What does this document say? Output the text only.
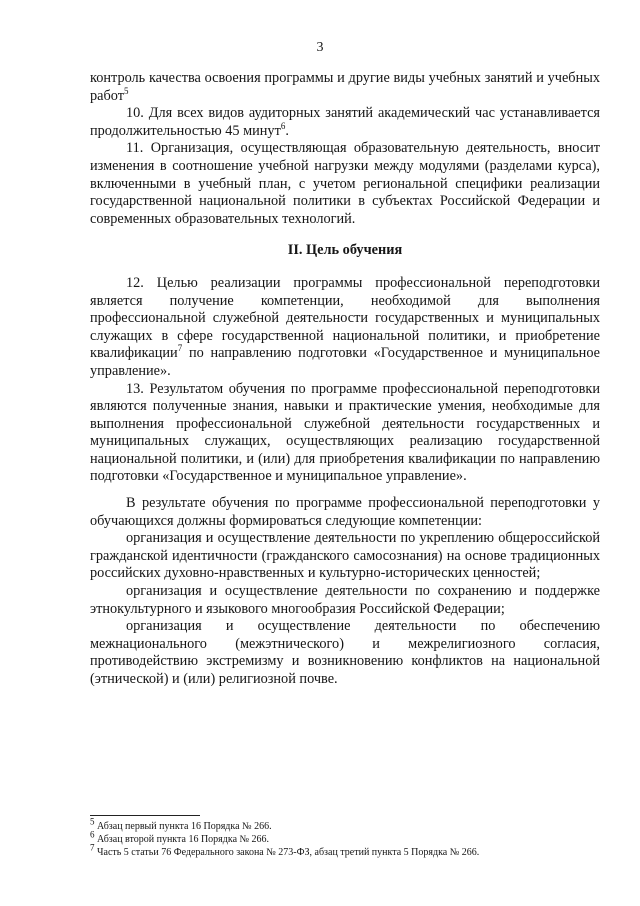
3

контроль качества освоения программы и другие виды учебных занятий и учебных работ$^5$

10. Для всех видов аудиторных занятий академический час устанавливается продолжительностью 45 минут$^6$.

11. Организация, осуществляющая образовательную деятельность, вносит изменения в соотношение учебной нагрузки между модулями (разделами курса), включенными в учебный план, с учетом региональной специфики реализации государственной национальной политики в субъектах Российской Федерации и современных образовательных технологий.

II. Цель обучения

12. Целью реализации программы профессиональной переподготовки является получение компетенции, необходимой для выполнения профессиональной служебной деятельности государственных и муниципальных служащих в сфере государственной национальной политики, и приобретение квалификации$^7$ по направлению подготовки «Государственное и муниципальное управление».

13. Результатом обучения по программе профессиональной переподготовки являются полученные знания, навыки и практические умения, необходимые для выполнения профессиональной служебной деятельности государственных и муниципальных служащих, осуществляющих реализацию государственной национальной политики, и (или) для приобретения квалификации по направлению подготовки «Государственное и муниципальное управление».

В результате обучения по программе профессиональной переподготовки у обучающихся должны формироваться следующие компетенции:

организация и осуществление деятельности по укреплению общероссийской гражданской идентичности (гражданского самосознания) на основе традиционных российских духовно-нравственных и культурно-исторических ценностей;

организация и осуществление деятельности по сохранению и поддержке этнокультурного и языкового многообразия Российской Федерации;

организация и осуществление деятельности по обеспечению межнационального (межэтнического) и межрелигиозного согласия, противодействию экстремизму и возникновению конфликтов на национальной (этнической) и (или) религиозной почве.

$^5$ Абзац первый пункта 16 Порядка № 266.

$^6$ Абзац второй пункта 16 Порядка № 266.

$^7$ Часть 5 статьи 76 Федерального закона № 273-ФЗ, абзац третий пункта 5 Порядка № 266.
